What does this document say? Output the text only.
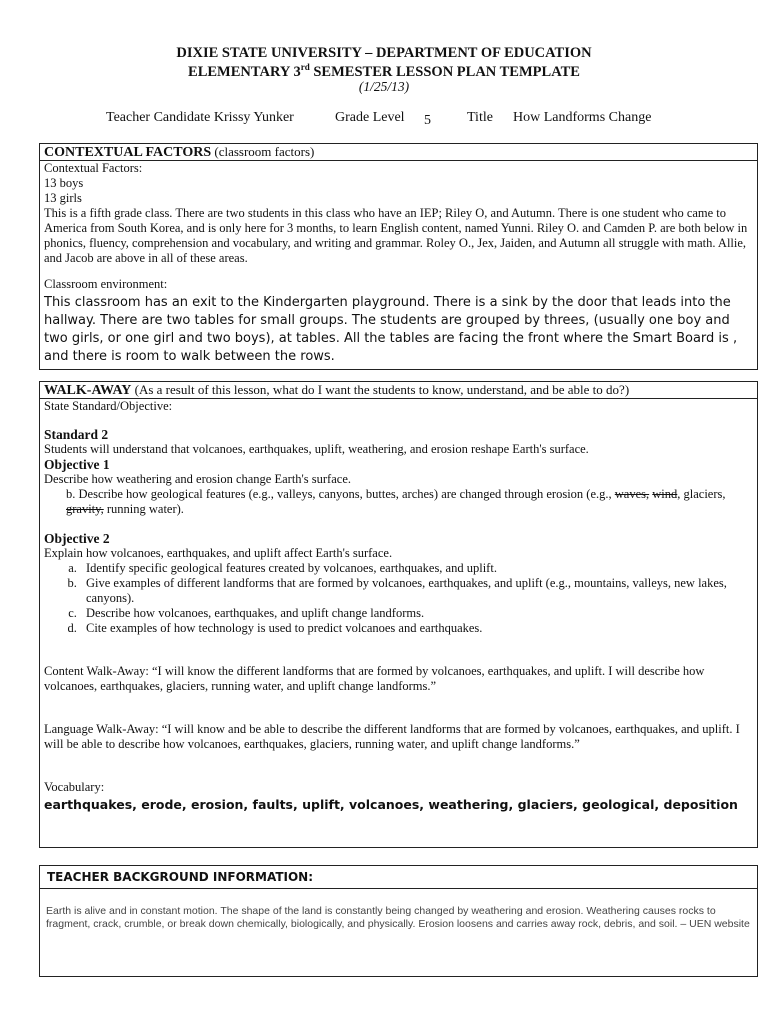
DIXIE STATE UNIVERSITY – DEPARTMENT OF EDUCATION
ELEMENTARY 3rd SEMESTER LESSON PLAN TEMPLATE
(1/25/13)
Teacher Candidate Krissy Yunker	Grade Level 5	Title How Landforms Change
CONTEXTUAL FACTORS (classroom factors)

Contextual Factors:

13 boys

13 girls

This is a fifth grade class. There are two students in this class who have an IEP; Riley O, and Autumn. There is one student who came to America from South Korea, and is only here for 3 months, to learn English content, named Yunni. Riley O. and Camden P. are both below in phonics, fluency, comprehension and vocabulary, and writing and grammar. Roley O., Jex, Jaiden, and Autumn all struggle with math. Allie, and Jacob are above in all of these areas.

Classroom environment:

This classroom has an exit to the Kindergarten playground. There is a sink by the door that leads into the hallway. There are two tables for small groups. The students are grouped by threes, (usually one boy and two girls, or one girl and two boys), at tables. All the tables are facing the front where the Smart Board is , and there is room to walk between the rows.

WALK-AWAY (As a result of this lesson, what do I want the students to know, understand, and be able to do?)

State Standard/Objective:

Standard 2

Students will understand that volcanoes, earthquakes, uplift, weathering, and erosion reshape Earth's surface.

Objective 1

Describe how weathering and erosion change Earth's surface.

b. Describe how geological features (e.g., valleys, canyons, buttes, arches) are changed through erosion (e.g., waves, wind, glaciers, gravity, running water).

Objective 2

Explain how volcanoes, earthquakes, and uplift affect Earth's surface.

a. Identify specific geological features created by volcanoes, earthquakes, and uplift.
b. Give examples of different landforms that are formed by volcanoes, earthquakes, and uplift (e.g., mountains, valleys, new lakes, canyons).
c. Describe how volcanoes, earthquakes, and uplift change landforms.
d. Cite examples of how technology is used to predict volcanoes and earthquakes.

Content Walk-Away: “I will know the different landforms that are formed by volcanoes, earthquakes, and uplift. I will describe how volcanoes, earthquakes, glaciers, running water, and uplift change landforms.”

Language Walk-Away: “I will know and be able to describe the different landforms that are formed by volcanoes, earthquakes, and uplift. I will be able to describe how volcanoes, earthquakes, glaciers, running water, and uplift change landforms.”

Vocabulary:

earthquakes, erode, erosion, faults, uplift, volcanoes, weathering, glaciers, geological, deposition

TEACHER BACKGROUND INFORMATION:
Earth is alive and in constant motion. The shape of the land is constantly being changed by weathering and erosion. Weathering causes rocks to fragment, crack, crumble, or break down chemically, biologically, and physically. Erosion loosens and carries away rock, debris, and soil. – UEN website
